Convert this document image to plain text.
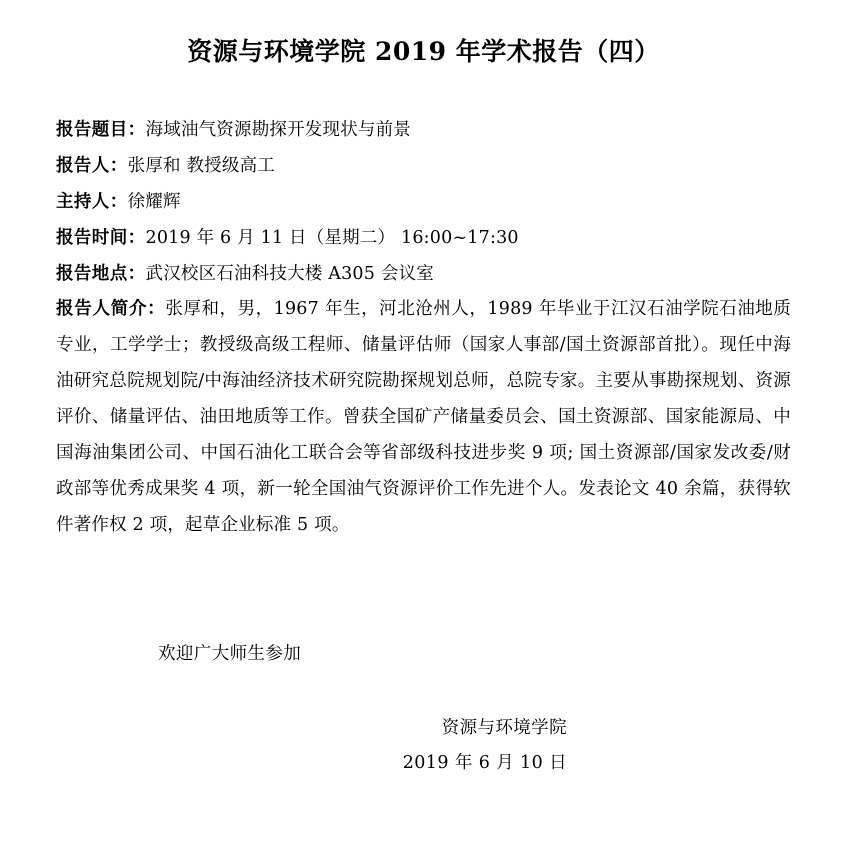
资源与环境学院 2019 年学术报告（四）
报告题目：海域油气资源勘探开发现状与前景
报告人：张厚和 教授级高工
主持人：徐耀辉
报告时间：2019 年 6 月 11 日（星期二） 16:00~17:30
报告地点：武汉校区石油科技大楼 A305 会议室
报告人简介：张厚和，男，1967 年生，河北沧州人，1989 年毕业于江汉石油学院石油地质专业，工学学士；教授级高级工程师、储量评估师（国家人事部/国土资源部首批）。现任中海油研究总院规划院/中海油经济技术研究院勘探规划总师，总院专家。主要从事勘探规划、资源评价、储量评估、油田地质等工作。曾获全国矿产储量委员会、国土资源部、国家能源局、中国海油集团公司、中国石油化工联合会等省部级科技进步奖 9 项; 国土资源部/国家发改委/财政部等优秀成果奖 4 项，新一轮全国油气资源评价工作先进个人。发表论文 40 余篇，获得软件著作权 2 项，起草企业标准 5 项。
欢迎广大师生参加
资源与环境学院
2019 年 6 月 10 日
